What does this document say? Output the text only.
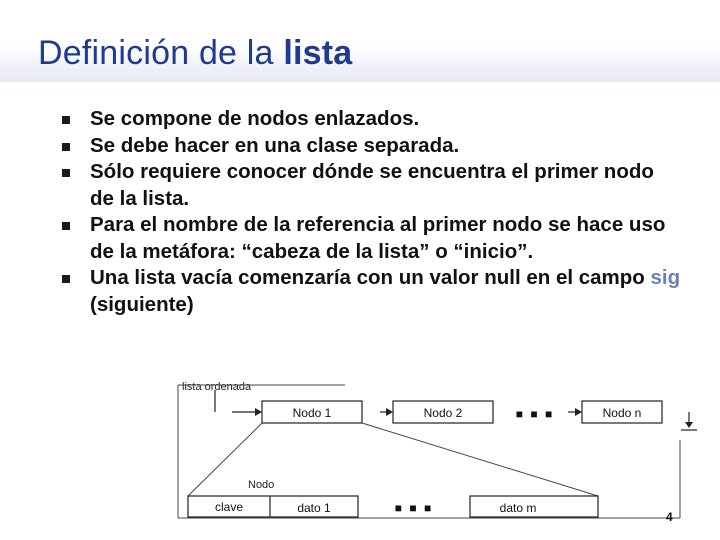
Definición de la lista
Se compone de nodos enlazados.
Se debe hacer en una clase separada.
Sólo requiere conocer dónde se encuentra el primer nodo de la lista.
Para el nombre de la referencia al primer nodo se hace uso de la metáfora: “cabeza de la lista” o “inicio”.
Una lista vacía comenzaría con un valor null en el campo sig (siguiente)
lista ordenada
Nodo 1	Nodo 2	■ ■ ■	Nodo n
Nodo
clave	dato 1	■ ■ ■	dato m
4
